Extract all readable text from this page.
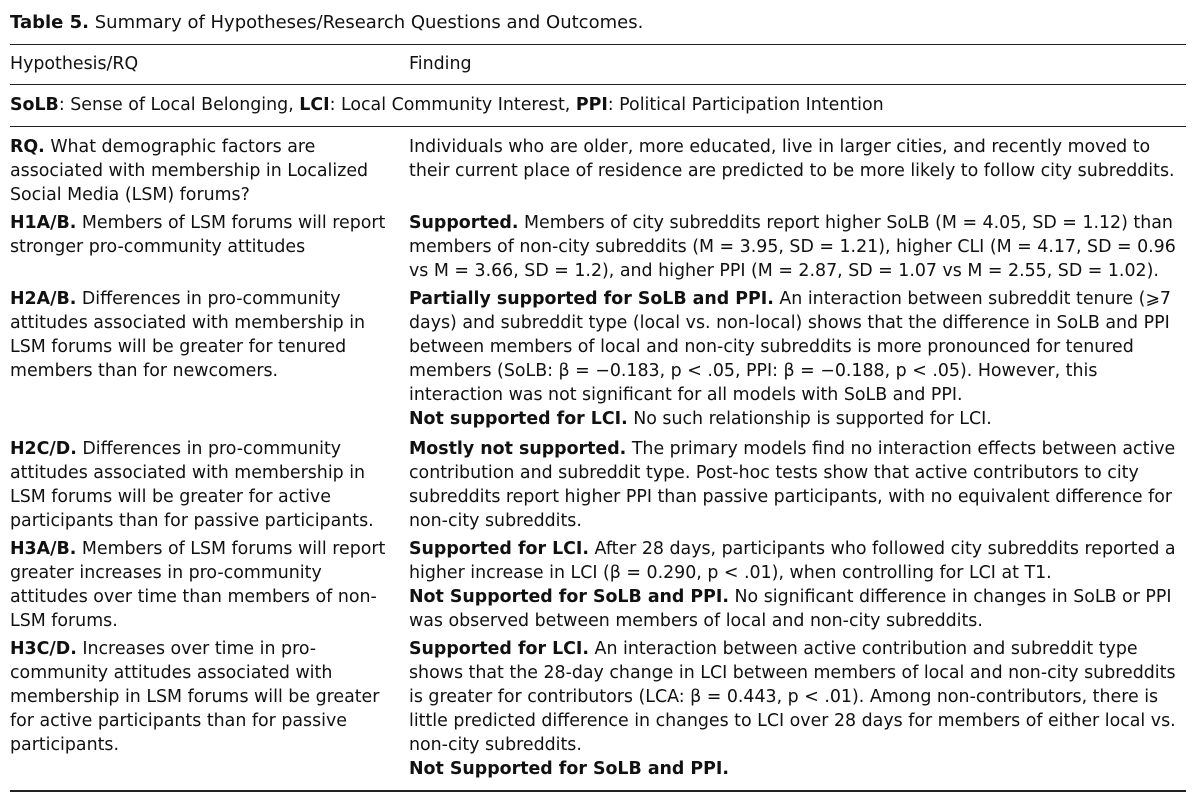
Table 5. Summary of Hypotheses/Research Questions and Outcomes.
Hypothesis/RQ	Finding
SoLB: Sense of Local Belonging, LCI: Local Community Interest, PPI: Political Participation Intention
RQ. What demographic factors are associated with membership in Localized Social Media (LSM) forums?

Individuals who are older, more educated, live in larger cities, and recently moved to their current place of residence are predicted to be more likely to follow city subreddits.

H1A/B. Members of LSM forums will report stronger pro-community attitudes

Supported. Members of city subreddits report higher SoLB (M = 4.05, SD = 1.12) than members of non-city subreddits (M = 3.95, SD = 1.21), higher CLI (M = 4.17, SD = 0.96 vs M = 3.66, SD = 1.2), and higher PPI (M = 2.87, SD = 1.07 vs M = 2.55, SD = 1.02).

H2A/B. Differences in pro-community attitudes associated with membership in LSM forums will be greater for tenured members than for newcomers.

Partially supported for SoLB and PPI. An interaction between subreddit tenure (⩾7 days) and subreddit type (local vs. non-local) shows that the difference in SoLB and PPI between members of local and non-city subreddits is more pronounced for tenured members (SoLB: β = −0.183, p < .05, PPI: β = −0.188, p < .05). However, this interaction was not significant for all models with SoLB and PPI.

Not supported for LCI. No such relationship is supported for LCI.

H2C/D. Differences in pro-community attitudes associated with membership in LSM forums will be greater for active participants than for passive participants.

Mostly not supported. The primary models find no interaction effects between active contribution and subreddit type. Post-hoc tests show that active contributors to city subreddits report higher PPI than passive participants, with no equivalent difference for non-city subreddits.

H3A/B. Members of LSM forums will report greater increases in pro-community attitudes over time than members of non-LSM forums.

Supported for LCI. After 28 days, participants who followed city subreddits reported a higher increase in LCI (β = 0.290, p < .01), when controlling for LCI at T1.

Not Supported for SoLB and PPI. No significant difference in changes in SoLB or PPI was observed between members of local and non-city subreddits.

H3C/D. Increases over time in pro-community attitudes associated with membership in LSM forums will be greater for active participants than for passive participants.

Supported for LCI. An interaction between active contribution and subreddit type shows that the 28-day change in LCI between members of local and non-city subreddits is greater for contributors (LCA: β = 0.443, p < .01). Among non-contributors, there is little predicted difference in changes to LCI over 28 days for members of either local vs. non-city subreddits.

Not Supported for SoLB and PPI.
